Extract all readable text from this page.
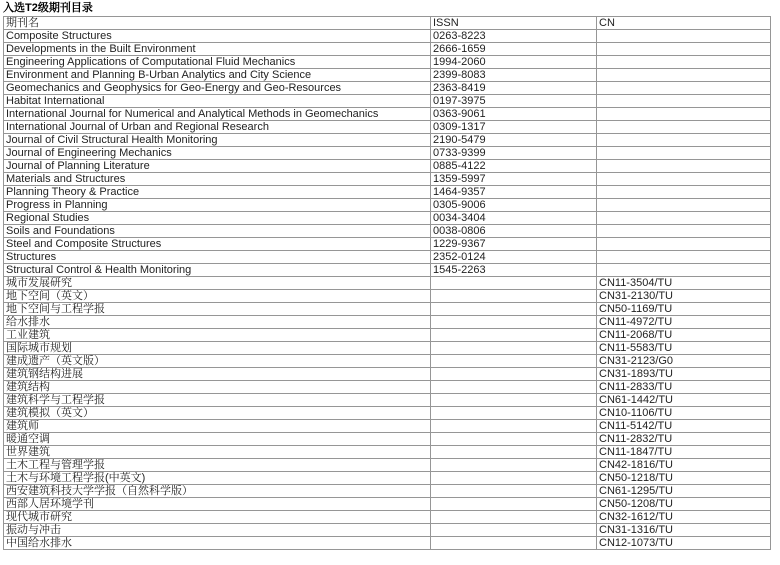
入选T2级期刊目录
期刊名	ISSN	CN
Composite Structures	0263-8223	
Developments in the Built Environment	2666-1659	
Engineering Applications of Computational Fluid Mechanics	1994-2060	
Environment and Planning B-Urban Analytics and City Science	2399-8083	
Geomechanics and Geophysics for Geo-Energy and Geo-Resources	2363-8419	
Habitat International	0197-3975	
International Journal for Numerical and Analytical Methods in Geomechanics	0363-9061	
International Journal of Urban and Regional Research	0309-1317	
Journal of Civil Structural Health Monitoring	2190-5479	
Journal of Engineering Mechanics	0733-9399	
Journal of Planning Literature	0885-4122	
Materials and Structures	1359-5997	
Planning Theory & Practice	1464-9357	
Progress in Planning	0305-9006	
Regional Studies	0034-3404	
Soils and Foundations	0038-0806	
Steel and Composite Structures	1229-9367	
Structures	2352-0124	
Structural Control & Health Monitoring	1545-2263	
城市发展研究		CN11-3504/TU
地下空间（英文）		CN31-2130/TU
地下空间与工程学报		CN50-1169/TU
给水排水		CN11-4972/TU
工业建筑		CN11-2068/TU
国际城市规划		CN11-5583/TU
建成遗产（英文版）		CN31-2123/G0
建筑钢结构进展		CN31-1893/TU
建筑结构		CN11-2833/TU
建筑科学与工程学报		CN61-1442/TU
建筑模拟（英文）		CN10-1106/TU
建筑师		CN11-5142/TU
暖通空调		CN11-2832/TU
世界建筑		CN11-1847/TU
土木工程与管理学报		CN42-1816/TU
土木与环境工程学报(中英文)		CN50-1218/TU
西安建筑科技大学学报（自然科学版）		CN61-1295/TU
西部人居环境学刊		CN50-1208/TU
现代城市研究		CN32-1612/TU
振动与冲击		CN31-1316/TU
中国给水排水		CN12-1073/TU
